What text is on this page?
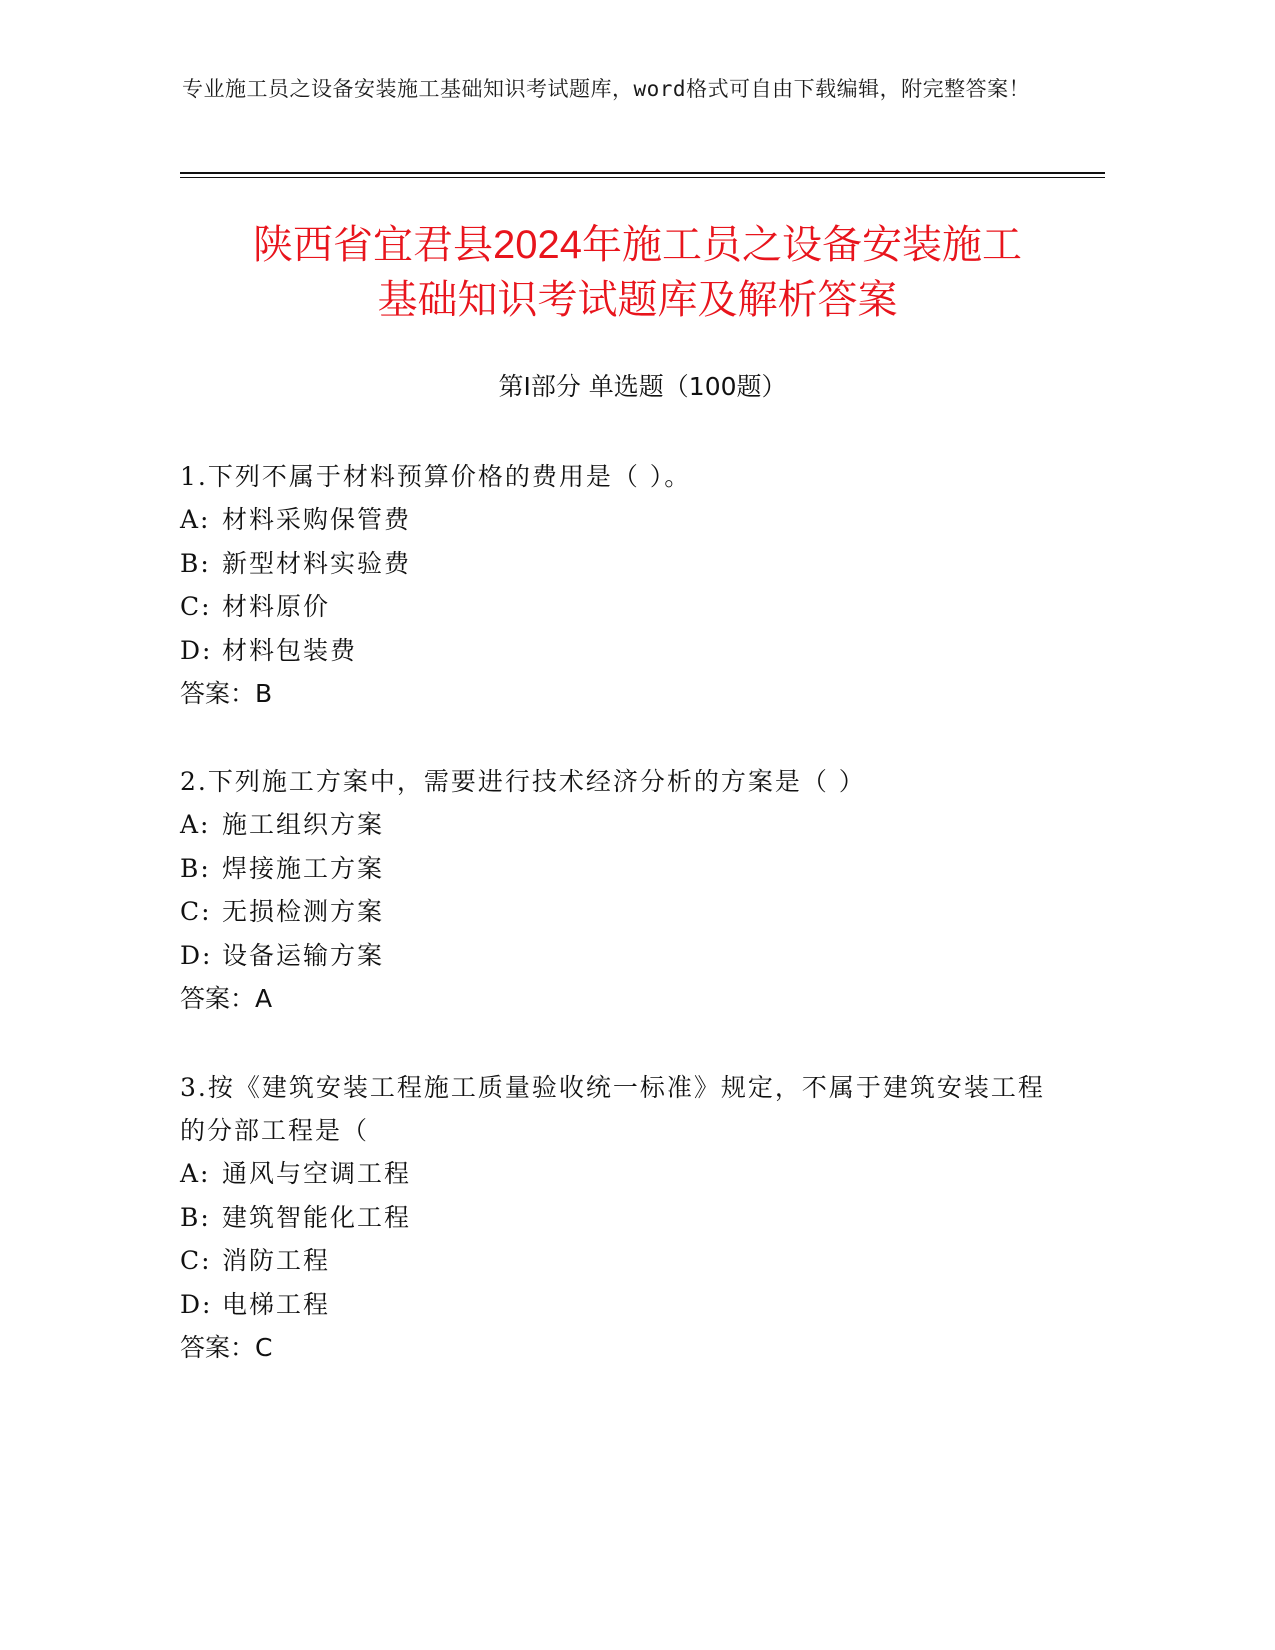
专业施工员之设备安装施工基础知识考试题库，word格式可自由下载编辑，附完整答案！
陕西省宜君县2024年施工员之设备安装施工
基础知识考试题库及解析答案
第Ⅰ部分 单选题（100题）

1.下列不属于材料预算价格的费用是（ ）。

A: 材料采购保管费
B: 新型材料实验费
C: 材料原价
D: 材料包装费
答案：B

2.下列施工方案中，需要进行技术经济分析的方案是（ ）

A: 施工组织方案
B: 焊接施工方案
C: 无损检测方案
D: 设备运输方案
答案：A

3.按《建筑安装工程施工质量验收统一标准》规定，不属于建筑安装工程的分部工程是（

A: 通风与空调工程
B: 建筑智能化工程
C: 消防工程
D: 电梯工程
答案：C
